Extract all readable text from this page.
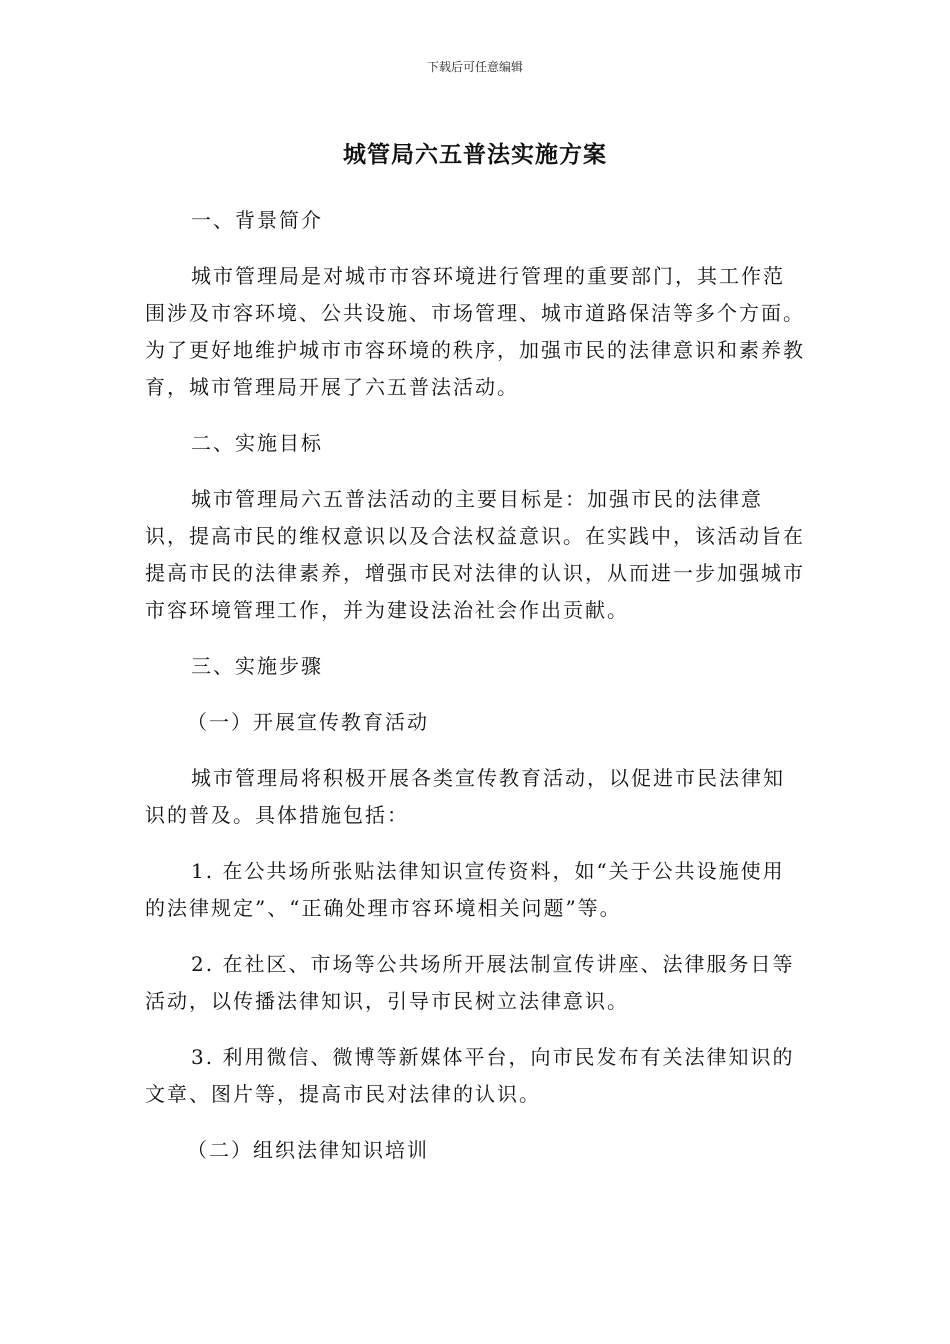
下载后可任意编辑
城管局六五普法实施方案
一、背景简介
城市管理局是对城市市容环境进行管理的重要部门，其工作范围涉及市容环境、公共设施、市场管理、城市道路保洁等多个方面。为了更好地维护城市市容环境的秩序，加强市民的法律意识和素养教育，城市管理局开展了六五普法活动。
二、实施目标
城市管理局六五普法活动的主要目标是：加强市民的法律意识，提高市民的维权意识以及合法权益意识。在实践中，该活动旨在提高市民的法律素养，增强市民对法律的认识，从而进一步加强城市市容环境管理工作，并为建设法治社会作出贡献。
三、实施步骤
（一）开展宣传教育活动
城市管理局将积极开展各类宣传教育活动，以促进市民法律知识的普及。具体措施包括：
1. 在公共场所张贴法律知识宣传资料，如“关于公共设施使用的法律规定”、“正确处理市容环境相关问题”等。
2. 在社区、市场等公共场所开展法制宣传讲座、法律服务日等活动，以传播法律知识，引导市民树立法律意识。
3. 利用微信、微博等新媒体平台，向市民发布有关法律知识的文章、图片等，提高市民对法律的认识。
（二）组织法律知识培训
